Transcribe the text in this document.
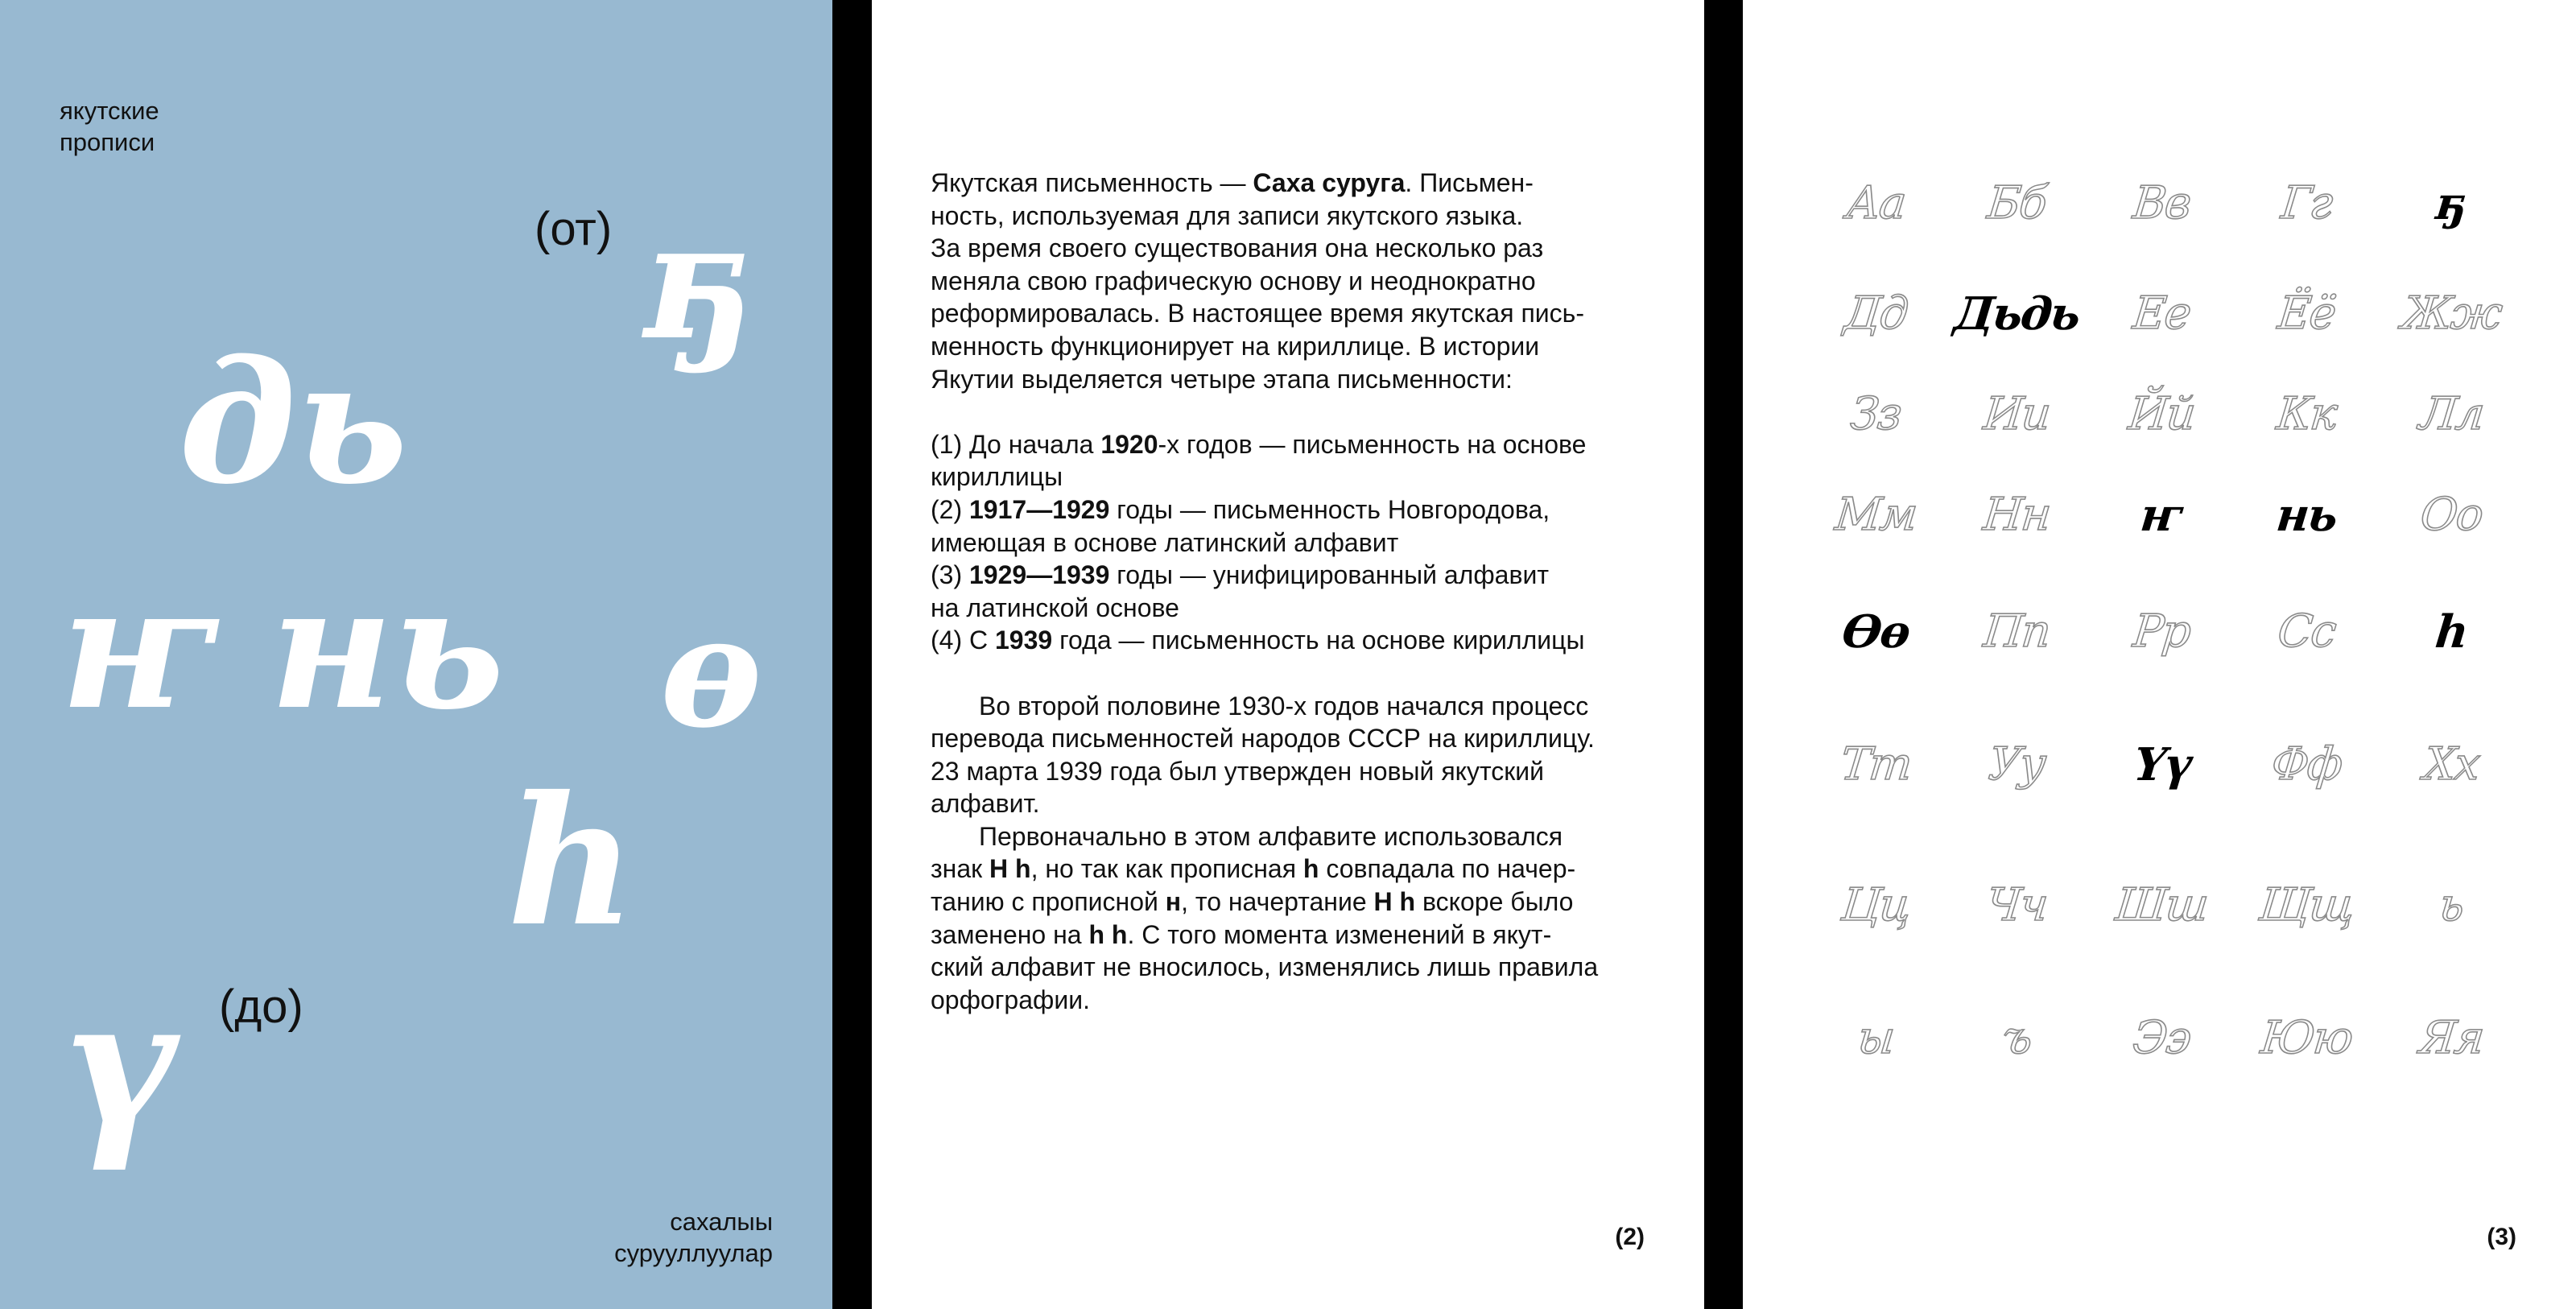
якутские
прописи
(от)
(до)
ҕ
дь
ҥ нь ө
һ
ү
сахалыы
сурууллуулар

Якутская письменность — Саха суруга. Письмен-

ность, используемая для записи якутского языка.

За время своего существования она несколько раз

меняла свою графическую основу и неоднократно

реформировалась. В настоящее время якутская пись-

менность функционирует на кириллице. В истории

Якутии выделяется четыре этапа письменности:

(1) До начала 1920-х годов — письменность на основе

кириллицы

(2) 1917—1929 годы — письменность Новгородова,

имеющая в основе латинский алфавит

(3) 1929—1939 годы — унифицированный алфавит

на латинской основе

(4) С 1939 года — письменность на основе кириллицы

Во второй половине 1930-х годов начался процесс

перевода письменностей народов СССР на кириллицу.

23 марта 1939 года был утвержден новый якутский

алфавит.

Первоначально в этом алфавите использовался

знак Н һ, но так как прописная һ совпадала по начер-

танию с прописной н, то начертание Н һ вскоре было

заменено на һ һ. С того момента изменений в якут-

ский алфавит не вносилось, изменялись лишь правила

орфографии.

(2)
Аа Бб Вв Гг ҕ
Дд Дьдь Ее Ёё Жж
Зз Ии Йй Кк Лл
Мм Нн ҥ нь Оо
Өө Пп Рр Сс һ
Тт Уу Үү Фф Хх
Цц Чч Шш Щщ ь
ы ъ Ээ Юю Яя
(3)
